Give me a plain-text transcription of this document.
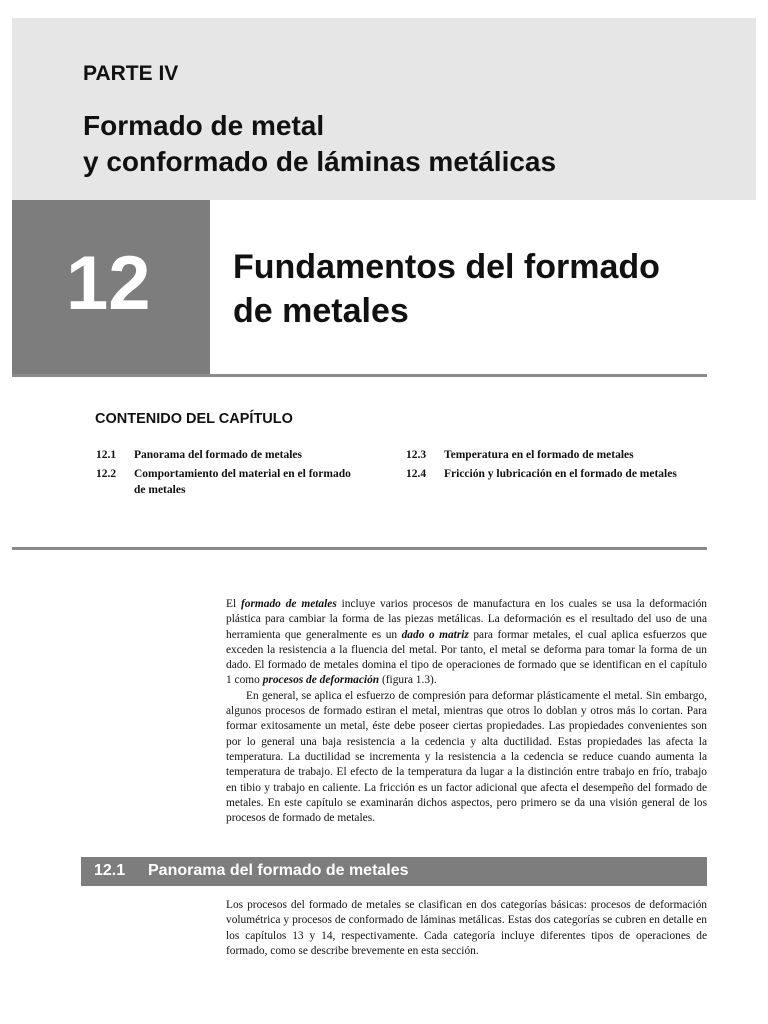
PARTE IV
Formado de metal
y conformado de láminas metálicas
12 Fundamentos del formado
de metales
CONTENIDO DEL CAPÍTULO
12.1 Panorama del formado de metales
12.2 Comportamiento del material en el formado
de metales
12.3 Temperatura en el formado de metales
12.4 Fricción y lubricación en el formado de metales

El formado de metales incluye varios procesos de manufactura en los cuales se usa la deformación plástica para cambiar la forma de las piezas metálicas. La deformación es el resultado del uso de una herramienta que generalmente es un dado o matriz para formar metales, el cual aplica esfuerzos que exceden la resistencia a la fluencia del metal. Por tanto, el metal se deforma para tomar la forma de un dado. El formado de metales domina el tipo de operaciones de formado que se identifican en el capítulo 1 como procesos de deformación (figura 1.3).

En general, se aplica el esfuerzo de compresión para deformar plásticamente el metal. Sin embargo, algunos procesos de formado estiran el metal, mientras que otros lo doblan y otros más lo cortan. Para formar exitosamente un metal, éste debe poseer ciertas propiedades. Las propiedades convenientes son por lo general una baja resistencia a la cedencia y alta ductilidad. Estas propiedades las afecta la temperatura. La ductilidad se incrementa y la resistencia a la cedencia se reduce cuando aumenta la temperatura de trabajo. El efecto de la temperatura da lugar a la distinción entre trabajo en frío, trabajo en tibio y trabajo en caliente. La fricción es un factor adicional que afecta el desempeño del formado de metales. En este capítulo se examinarán dichos aspectos, pero primero se da una visión general de los procesos de formado de metales.

12.1 Panorama del formado de metales

Los procesos del formado de metales se clasifican en dos categorías básicas: procesos de deformación volumétrica y procesos de conformado de láminas metálicas. Estas dos categorías se cubren en detalle en los capítulos 13 y 14, respectivamente. Cada categoría incluye diferentes tipos de operaciones de formado, como se describe brevemente en esta sección.
